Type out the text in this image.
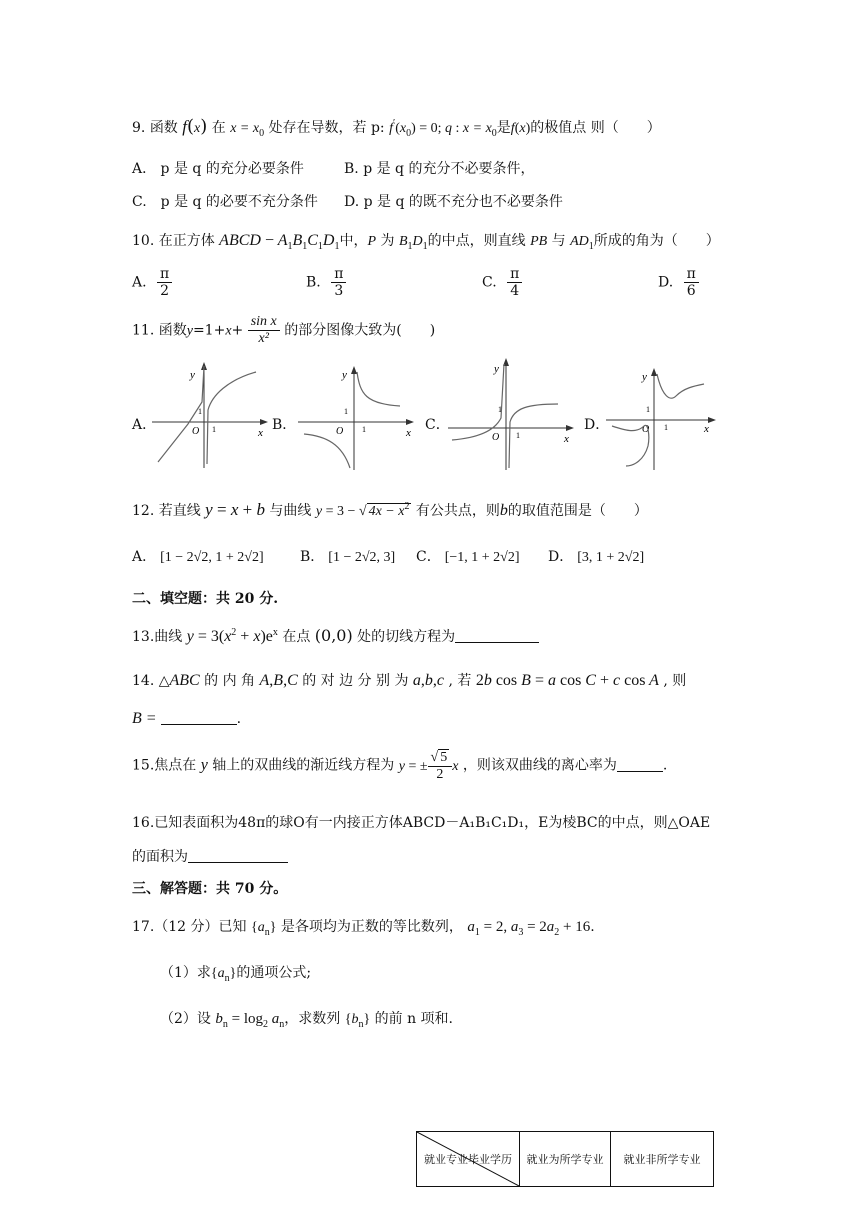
9. 函数 f(x) 在 $x = x_0$ 处存在导数，若 p: $f'(x_0) = 0$; q : $x = x_0$是f(x)的极值点 则（　　）
A． p 是 q 的充分必要条件	B. p 是 q 的充分不必要条件，
C.　p 是 q 的必要不充分条件 D. p 是 q 的既不充分也不必要条件
10. 在正方体 ABCD − $A_1B_1C_1D_1$中，P 为 $B_1D_1$的中点，则直线 PB 与 $AD_1$所成的角为（　　）
A. $\frac{\pi}{2}$	B. $\frac{\pi}{3}$	C. $\frac{\pi}{4}$	D. $\frac{\pi}{6}$
11. 函数$y=1+x+ \frac{\text{sin x}}{\text{x²}}$ 的部分图像大致为(　　)
A．
y
x
O
1
1	B．
y
x
O
1
1	C．
y
x
O
1
1
D．
y
x
O
1
1
12. 若直线 y = x + b 与曲线 y = 3 − √ $4x - x^2$ 有公共点，则b的取值范围是（　　）
A． [1 − 2√2, 1 + 2√2]	B． [1 − 2√2, 3] C． [−1, 1 + 2√2] D． [3, 1 + 2√2]
二、填空题：共 20 分.
13.曲线 $y = 3(x^2 + x)e^x$ 在点 (0,0) 处的切线方程为
14. △ABC 的 内 角 A,B,C 的 对 边 分 别 为 a,b,c , 若 2b cos B = a cos C + c cos A , 则
B =	.
15.焦点在 y 轴上的双曲线的渐近线方程为 y = ± $\frac{√ 5}{2}$ x ，则该双曲线的离心率为	.
16.已知表面积为48π的球O有一内接正方体ABCD－A₁B₁C₁D₁，E为棱BC的中点，则△OAE
的面积为
三、解答题：共 70 分。
17.（12 分）已知 $\{a_n\}$ 是各项均为正数的等比数列， $a_1 = 2$, $a_3 = 2a_2 + 16$.
（1）求$\{a_n\}$的通项公式;
（2）设 $b_n = \log_2 a_n$，求数列 $\{b_n\}$ 的前 n 项和.
就业专业毕业学历	就业为所学专业	就业非所学专业
